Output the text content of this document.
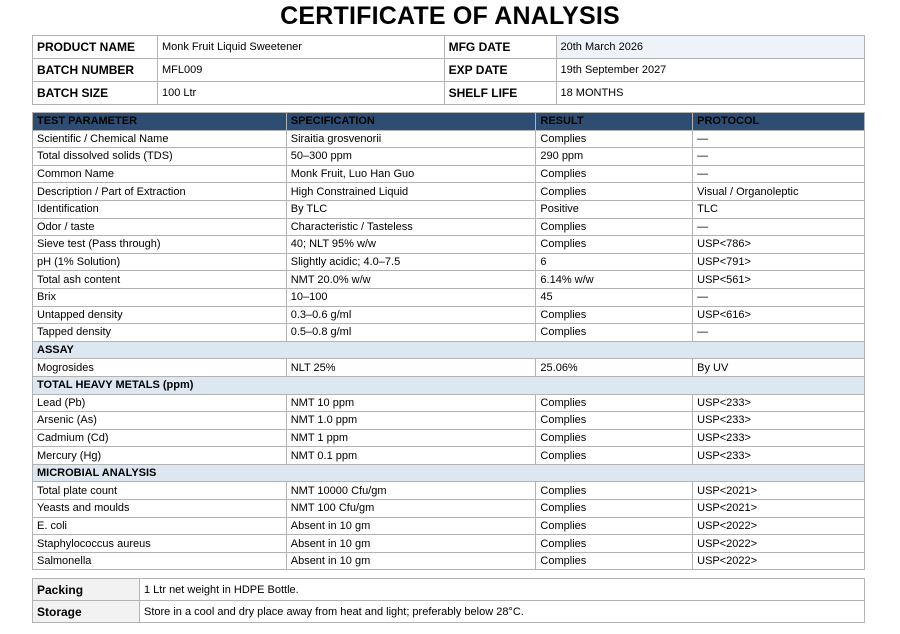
CERTIFICATE OF ANALYSIS
PRODUCT NAME	Monk Fruit Liquid Sweetener	MFG DATE	20th March 2026
BATCH NUMBER	MFL009	EXP DATE	19th September 2027
BATCH SIZE	100 Ltr	SHELF LIFE	18 MONTHS
TEST PARAMETER	SPECIFICATION	RESULT	PROTOCOL
Scientific / Chemical Name	Siraitia grosvenorii	Complies	—
Total dissolved solids (TDS)	50–300 ppm	290 ppm	—
Common Name	Monk Fruit, Luo Han Guo	Complies	—
Description / Part of Extraction	High Constrained Liquid	Complies	Visual / Organoleptic
Identification	By TLC	Positive	TLC
Odor / taste	Characteristic / Tasteless	Complies	—
Sieve test (Pass through)	40; NLT 95% w/w	Complies	USP<786>
pH (1% Solution)	Slightly acidic; 4.0–7.5	6	USP<791>
Total ash content	NMT 20.0% w/w	6.14% w/w	USP<561>
Brix	10–100	45	—
Untapped density	0.3–0.6 g/ml	Complies	USP<616>
Tapped density	0.5–0.8 g/ml	Complies	—
ASSAY			
Mogrosides	NLT 25%	25.06%	By UV
TOTAL HEAVY METALS (ppm)			
Lead (Pb)	NMT 10 ppm	Complies	USP<233>
Arsenic (As)	NMT 1.0 ppm	Complies	USP<233>
Cadmium (Cd)	NMT 1 ppm	Complies	USP<233>
Mercury (Hg)	NMT 0.1 ppm	Complies	USP<233>
MICROBIAL ANALYSIS			
Total plate count	NMT 10000 Cfu/gm	Complies	USP<2021>
Yeasts and moulds	NMT 100 Cfu/gm	Complies	USP<2021>
E. coli	Absent in 10 gm	Complies	USP<2022>
Staphylococcus aureus	Absent in 10 gm	Complies	USP<2022>
Salmonella	Absent in 10 gm	Complies	USP<2022>
Packing	1 Ltr net weight in HDPE Bottle.
Storage	Store in a cool and dry place away from heat and light; preferably below 28°C.
